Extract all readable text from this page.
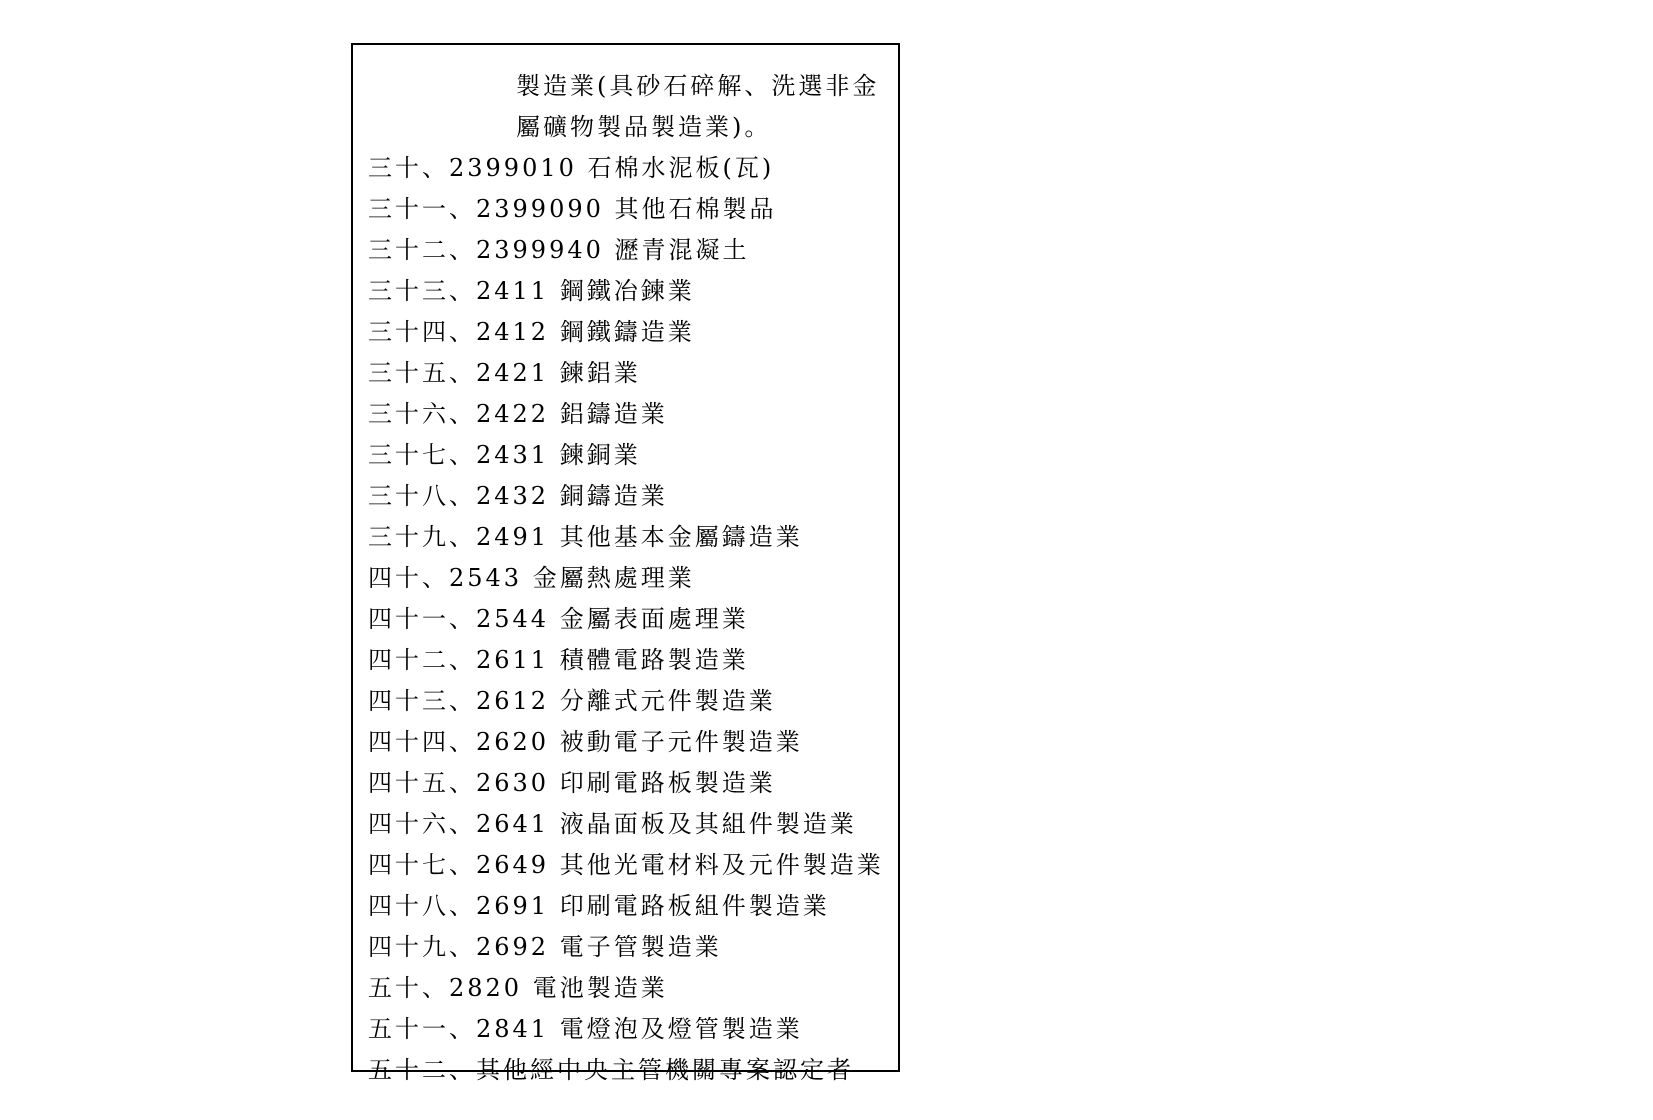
製造業(具砂石碎解、洗選非金
屬礦物製品製造業)。
三十、2399010 石棉水泥板(瓦)
三十一、2399090 其他石棉製品
三十二、2399940 瀝青混凝土
三十三、2411 鋼鐵冶鍊業
三十四、2412 鋼鐵鑄造業
三十五、2421 鍊鋁業
三十六、2422 鋁鑄造業
三十七、2431 鍊銅業
三十八、2432 銅鑄造業
三十九、2491 其他基本金屬鑄造業
四十、2543 金屬熱處理業
四十一、2544 金屬表面處理業
四十二、2611 積體電路製造業
四十三、2612 分離式元件製造業
四十四、2620 被動電子元件製造業
四十五、2630 印刷電路板製造業
四十六、2641 液晶面板及其組件製造業
四十七、2649 其他光電材料及元件製造業
四十八、2691 印刷電路板組件製造業
四十九、2692 電子管製造業
五十、2820 電池製造業
五十一、2841 電燈泡及燈管製造業
五十二、其他經中央主管機關專案認定者
